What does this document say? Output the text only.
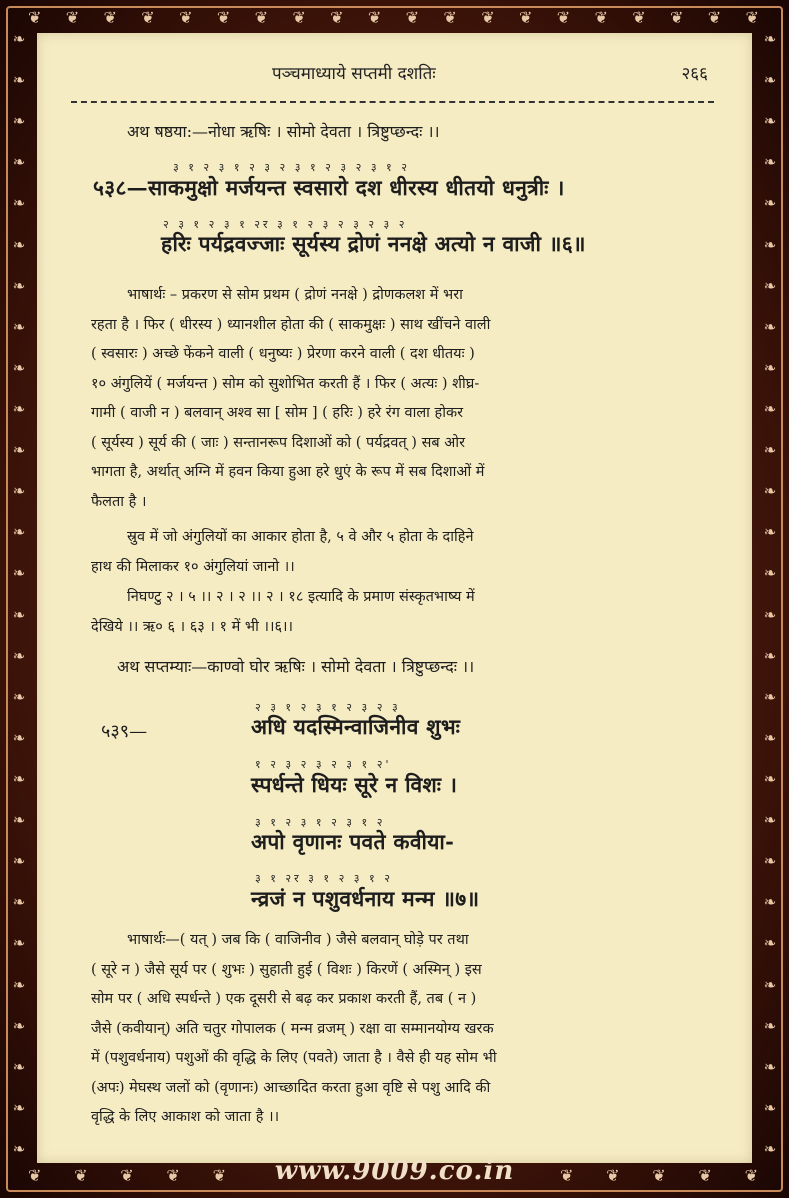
❦ ❦ ❦ ❦ ❦ ❦ ❦ ❦ ❦ ❦ ❦ ❦ ❦ ❦ ❦ ❦ ❦ ❦ ❦ ❦
❦ ❦ ❦ ❦ ❦	❦ ❦ ❦ ❦ ❦
❧
❧
❧
❧
❧
❧
❧
❧
❧
❧
❧
❧
❧
❧
❧
❧
❧
❧
❧
❧
❧
❧
❧
❧
❧
❧
❧
❧
❧
❧
❧
❧
❧
❧
❧
❧
❧
❧
❧
❧
❧
❧
❧
❧
❧
❧
❧
❧
❧
❧
❧
❧
❧
❧
❧
❧
पञ्चमाध्याये सप्तमी दशतिः	२६६
अथ षष्ठया:—नोधा ऋषिः । सोमो देवता । त्रिष्टुप्छन्दः ।।
३ १ २ ३ १ २ ३ २ ३ १ २ ३ २ ३ १ २
५३८—साकमुक्षो मर्जयन्त स्वसारो दश धीरस्य धीतयो धनुत्रीः ।
२ ३ १ २ ३ १ २र ३ १ २ ३ २ ३ २ ३ २
हरिः पर्यद्रवज्जाः सूर्यस्य द्रोणं ननक्षे अत्यो न वाजी ॥६॥
भाषार्थः – प्रकरण से सोम प्रथम ( द्रोणं ननक्षे ) द्रोणकलश में भरा
रहता है । फिर ( धीरस्य ) ध्यानशील होता की ( साकमुक्षः ) साथ खींचने वाली
( स्वसारः ) अच्छे फेंकने वाली ( धनुष्यः ) प्रेरणा करने वाली ( दश धीतयः )
१० अंगुलियें ( मर्जयन्त ) सोम को सुशोभित करती हैं । फिर ( अत्यः ) शीघ्र-
गामी ( वाजी न ) बलवान् अश्व सा [ सोम ] ( हरिः ) हरे रंग वाला होकर
( सूर्यस्य ) सूर्य की ( जाः ) सन्तानरूप दिशाओं को ( पर्यद्रवत् ) सब ओर
भागता है, अर्थात् अग्नि में हवन किया हुआ हरे धुएं के रूप में सब दिशाओं में
फैलता है ।
स्रुव में जो अंगुलियों का आकार होता है, ५ वे और ५ होता के दाहिने
हाथ की मिलाकर १० अंगुलियां जानो ।।
निघण्टु २ । ५ ।। २ । २ ।। २ । १८ इत्यादि के प्रमाण संस्कृतभाष्य में
देखिये ।। ऋ० ६ । ६३ । १ में भी ।।६।।
अथ सप्तम्याः—काण्वो घोर ऋषिः । सोमो देवता । त्रिष्टुप्छन्दः ।।
५३९—
२ ३ १ २ ३ १ २ ३ २ ३
अधि यदस्मिन्वाजिनीव शुभः
१ २ ३ २ ३ २ ३ १ २'
स्पर्धन्ते धियः सूरे न विशः ।
३ १ २ ३ १ २ ३ १ २
अपो वृणानः पवते कवीया-
३ १ २र ३ १ २ ३ १ २
न्व्रजं न पशुवर्धनाय मन्म ॥७॥
भाषार्थः—( यत् ) जब कि ( वाजिनीव ) जैसे बलवान् घोड़े पर तथा
( सूरे न ) जैसे सूर्य पर ( शुभः ) सुहाती हुई ( विशः ) किरणें ( अस्मिन् ) इस
सोम पर ( अधि स्पर्धन्ते ) एक दूसरी से बढ़ कर प्रकाश करती हैं, तब ( न )
जैसे (कवीयान्) अति चतुर गोपालक ( मन्म व्रजम् ) रक्षा वा सम्मानयोग्य खरक
में (पशुवर्धनाय) पशुओं की वृद्धि के लिए (पवते) जाता है । वैसे ही यह सोम भी
(अपः) मेघस्थ जलों को (वृणानः) आच्छादित करता हुआ वृष्टि से पशु आदि की
वृद्धि के लिए आकाश को जाता है ।।
www.9009.co.in
